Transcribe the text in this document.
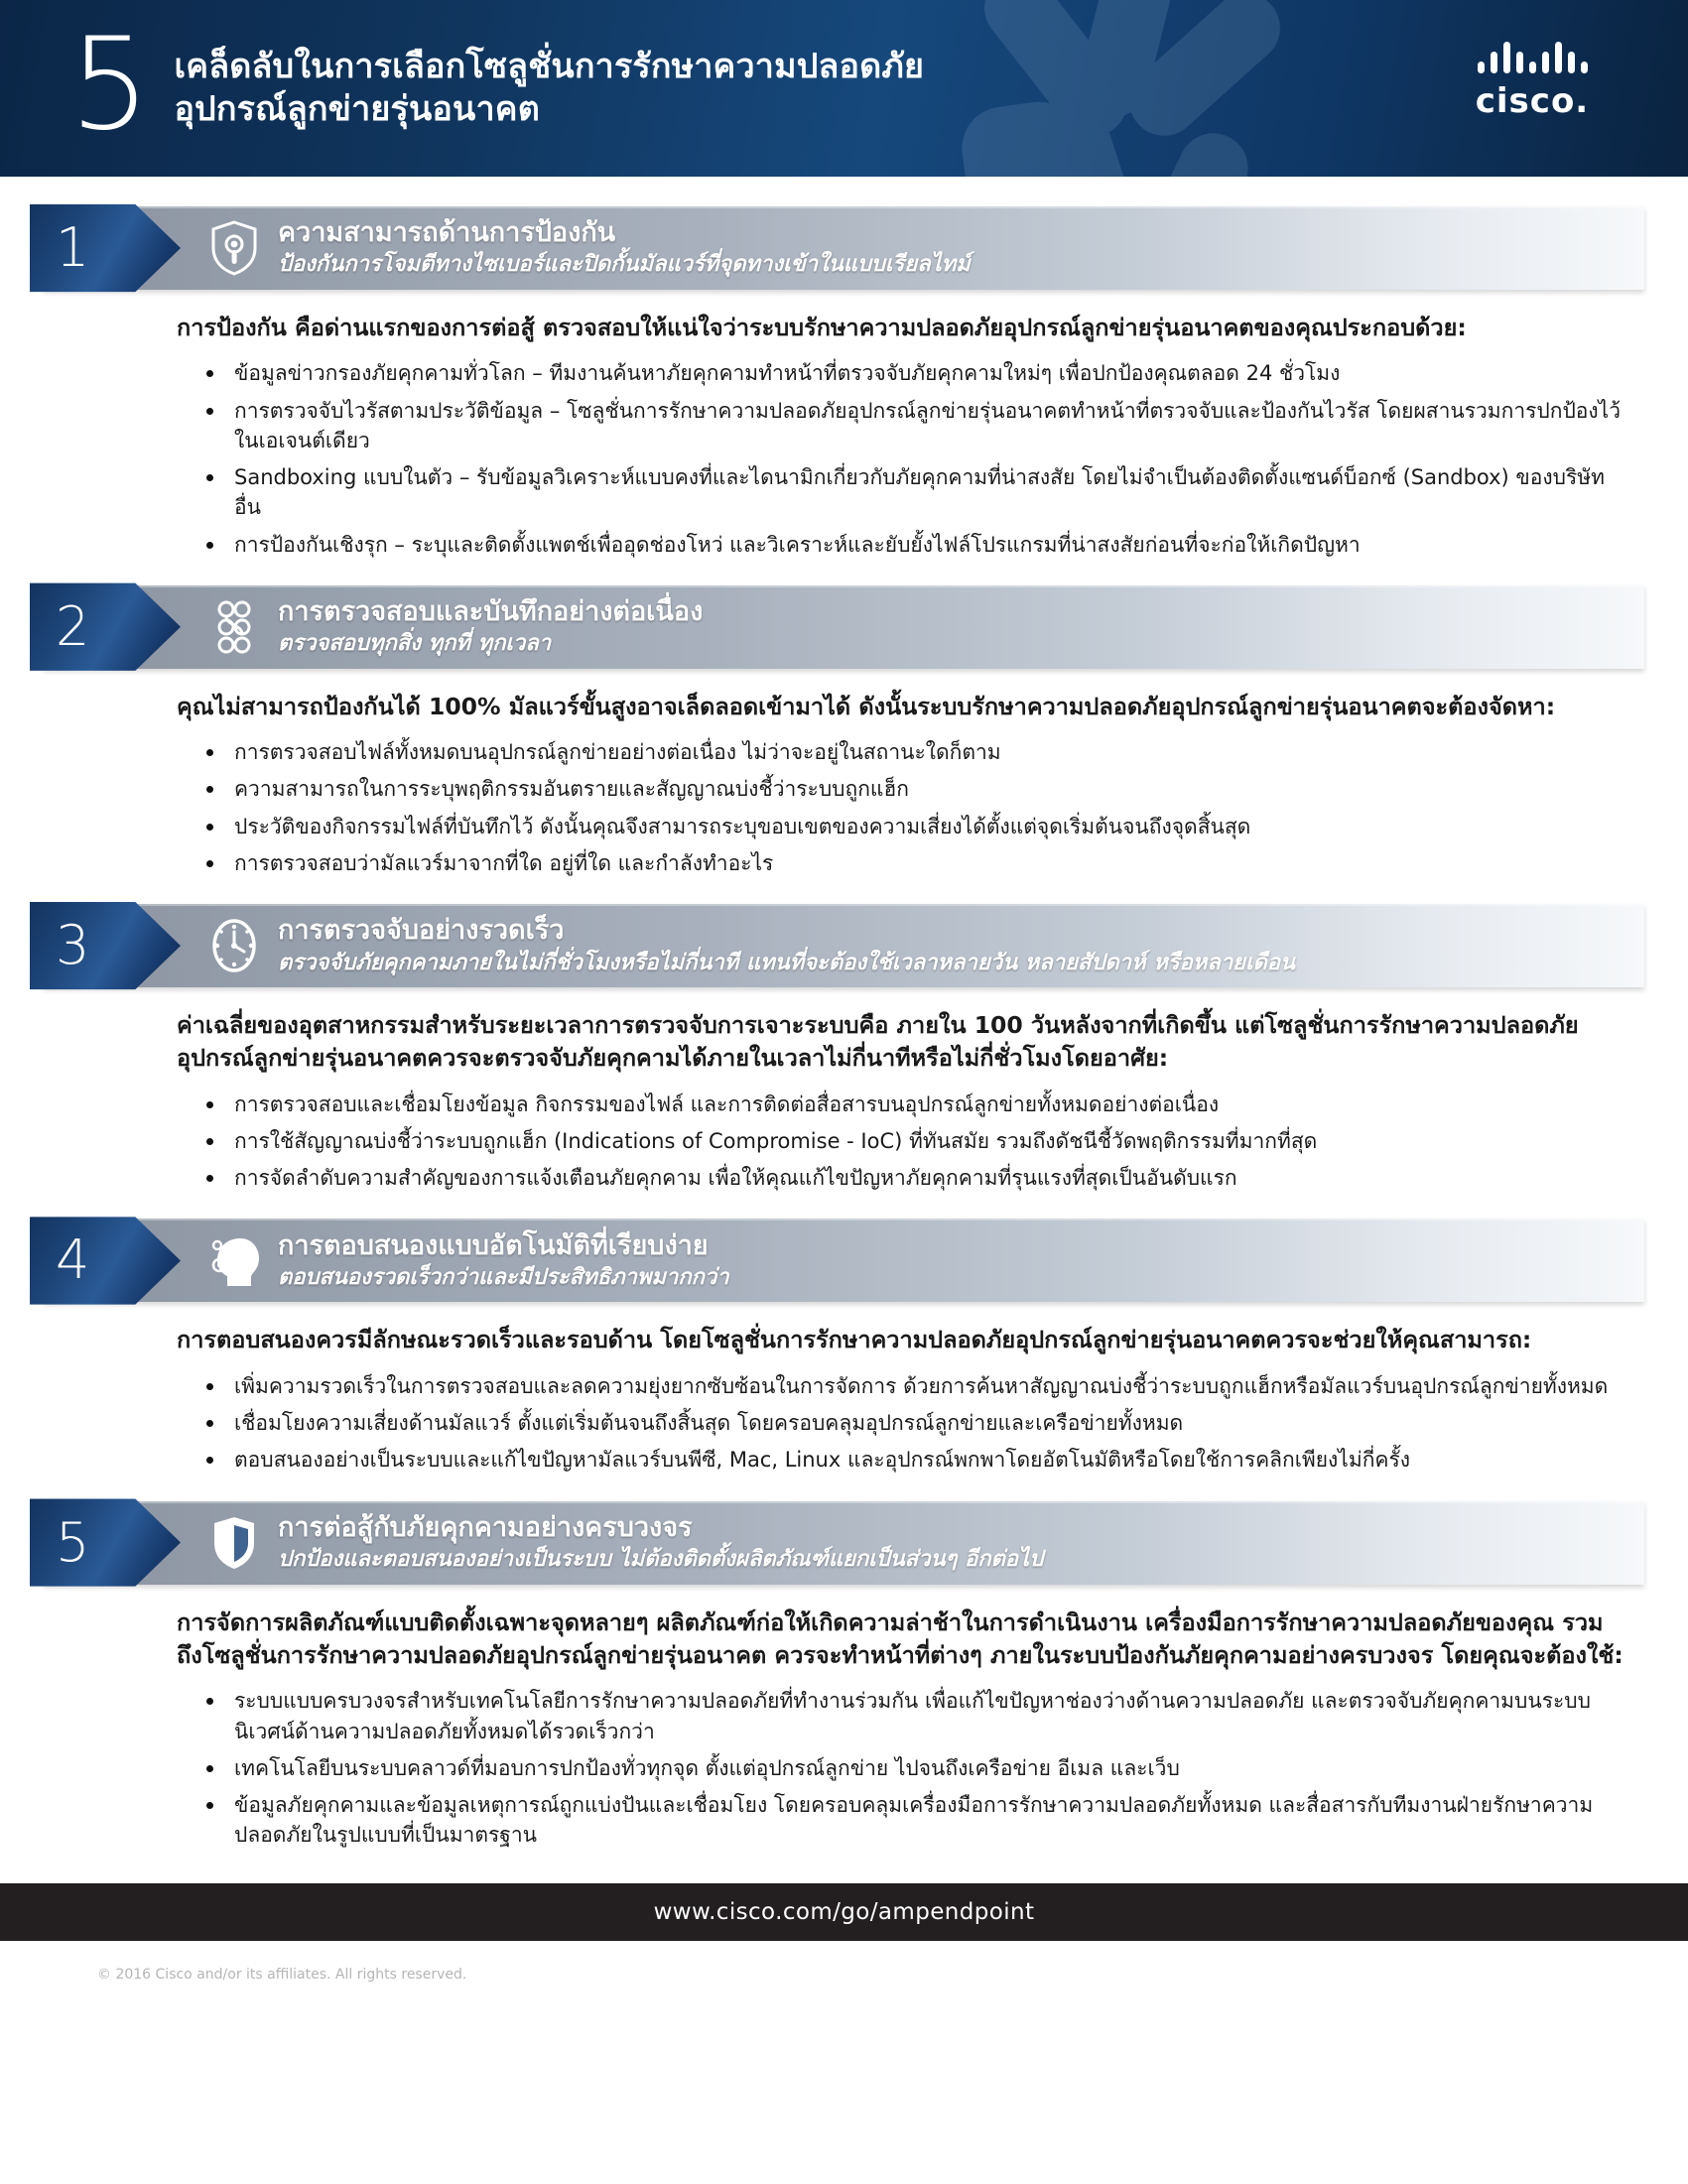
5 เคล็ดลับในการเลือกโซลูชั่นการรักษาความปลอดภัย
อุปกรณ์ลูกข่ายรุ่นอนาคต	cisco.
1	ความสามารถด้านการป้องกัน
ป้องกันการโจมตีทางไซเบอร์และปิดกั้นมัลแวร์ที่จุดทางเข้าในแบบเรียลไทม์

การป้องกัน คือด่านแรกของการต่อสู้ ตรวจสอบให้แน่ใจว่าระบบรักษาความปลอดภัยอุปกรณ์ลูกข่ายรุ่นอนาคตของคุณประกอบด้วย:

ข้อมูลข่าวกรองภัยคุกคามทั่วโลก – ทีมงานค้นหาภัยคุกคามทำหน้าที่ตรวจจับภัยคุกคามใหม่ๆ เพื่อปกป้องคุณตลอด 24 ชั่วโมง
การตรวจจับไวรัสตามประวัติข้อมูล – โซลูชั่นการรักษาความปลอดภัยอุปกรณ์ลูกข่ายรุ่นอนาคตทำหน้าที่ตรวจจับและป้องกันไวรัส โดยผสานรวมการปกป้องไว้ในเอเจนต์เดียว
Sandboxing แบบในตัว – รับข้อมูลวิเคราะห์แบบคงที่และไดนามิกเกี่ยวกับภัยคุกคามที่น่าสงสัย โดยไม่จำเป็นต้องติดตั้งแซนด์บ็อกซ์ (Sandbox) ของบริษัทอื่น
การป้องกันเชิงรุก – ระบุและติดตั้งแพตช์เพื่ออุดช่องโหว่ และวิเคราะห์และยับยั้งไฟล์โปรแกรมที่น่าสงสัยก่อนที่จะก่อให้เกิดปัญหา
2	การตรวจสอบและบันทึกอย่างต่อเนื่อง
ตรวจสอบทุกสิ่ง ทุกที่ ทุกเวลา

คุณไม่สามารถป้องกันได้ 100% มัลแวร์ขั้นสูงอาจเล็ดลอดเข้ามาได้ ดังนั้นระบบรักษาความปลอดภัยอุปกรณ์ลูกข่ายรุ่นอนาคตจะต้องจัดหา:

การตรวจสอบไฟล์ทั้งหมดบนอุปกรณ์ลูกข่ายอย่างต่อเนื่อง ไม่ว่าจะอยู่ในสถานะใดก็ตาม
ความสามารถในการระบุพฤติกรรมอันตรายและสัญญาณบ่งชี้ว่าระบบถูกแฮ็ก
ประวัติของกิจกรรมไฟล์ที่บันทึกไว้ ดังนั้นคุณจึงสามารถระบุขอบเขตของความเสี่ยงได้ตั้งแต่จุดเริ่มต้นจนถึงจุดสิ้นสุด
การตรวจสอบว่ามัลแวร์มาจากที่ใด อยู่ที่ใด และกำลังทำอะไร
3	การตรวจจับอย่างรวดเร็ว
ตรวจจับภัยคุกคามภายในไม่กี่ชั่วโมงหรือไม่กี่นาที แทนที่จะต้องใช้เวลาหลายวัน หลายสัปดาห์ หรือหลายเดือน

ค่าเฉลี่ยของอุตสาหกรรมสำหรับระยะเวลาการตรวจจับการเจาะระบบคือ ภายใน 100 วันหลังจากที่เกิดขึ้น แต่โซลูชั่นการรักษาความปลอดภัยอุปกรณ์ลูกข่ายรุ่นอนาคตควรจะตรวจจับภัยคุกคามได้ภายในเวลาไม่กี่นาทีหรือไม่กี่ชั่วโมงโดยอาศัย:

การตรวจสอบและเชื่อมโยงข้อมูล กิจกรรมของไฟล์ และการติดต่อสื่อสารบนอุปกรณ์ลูกข่ายทั้งหมดอย่างต่อเนื่อง
การใช้สัญญาณบ่งชี้ว่าระบบถูกแฮ็ก (Indications of Compromise - IoC) ที่ทันสมัย รวมถึงดัชนีชี้วัดพฤติกรรมที่มากที่สุด
การจัดลำดับความสำคัญของการแจ้งเตือนภัยคุกคาม เพื่อให้คุณแก้ไขปัญหาภัยคุกคามที่รุนแรงที่สุดเป็นอันดับแรก
4	การตอบสนองแบบอัตโนมัติที่เรียบง่าย
ตอบสนองรวดเร็วกว่าและมีประสิทธิภาพมากกว่า

การตอบสนองควรมีลักษณะรวดเร็วและรอบด้าน โดยโซลูชั่นการรักษาความปลอดภัยอุปกรณ์ลูกข่ายรุ่นอนาคตควรจะช่วยให้คุณสามารถ:

เพิ่มความรวดเร็วในการตรวจสอบและลดความยุ่งยากซับซ้อนในการจัดการ ด้วยการค้นหาสัญญาณบ่งชี้ว่าระบบถูกแฮ็กหรือมัลแวร์บนอุปกรณ์ลูกข่ายทั้งหมด
เชื่อมโยงความเสี่ยงด้านมัลแวร์ ตั้งแต่เริ่มต้นจนถึงสิ้นสุด โดยครอบคลุมอุปกรณ์ลูกข่ายและเครือข่ายทั้งหมด
ตอบสนองอย่างเป็นระบบและแก้ไขปัญหามัลแวร์บนพีซี, Mac, Linux และอุปกรณ์พกพาโดยอัตโนมัติหรือโดยใช้การคลิกเพียงไม่กี่ครั้ง
5	การต่อสู้กับภัยคุกคามอย่างครบวงจร
ปกป้องและตอบสนองอย่างเป็นระบบ ไม่ต้องติดตั้งผลิตภัณฑ์แยกเป็นส่วนๆ อีกต่อไป

การจัดการผลิตภัณฑ์แบบติดตั้งเฉพาะจุดหลายๆ ผลิตภัณฑ์ก่อให้เกิดความล่าช้าในการดำเนินงาน เครื่องมือการรักษาความปลอดภัยของคุณ รวมถึงโซลูชั่นการรักษาความปลอดภัยอุปกรณ์ลูกข่ายรุ่นอนาคต ควรจะทำหน้าที่ต่างๆ ภายในระบบป้องกันภัยคุกคามอย่างครบวงจร โดยคุณจะต้องใช้:

ระบบแบบครบวงจรสำหรับเทคโนโลยีการรักษาความปลอดภัยที่ทำงานร่วมกัน เพื่อแก้ไขปัญหาช่องว่างด้านความปลอดภัย และตรวจจับภัยคุกคามบนระบบนิเวศน์ด้านความปลอดภัยทั้งหมดได้รวดเร็วกว่า
เทคโนโลยีบนระบบคลาวด์ที่มอบการปกป้องทั่วทุกจุด ตั้งแต่อุปกรณ์ลูกข่าย ไปจนถึงเครือข่าย อีเมล และเว็บ
ข้อมูลภัยคุกคามและข้อมูลเหตุการณ์ถูกแบ่งปันและเชื่อมโยง โดยครอบคลุมเครื่องมือการรักษาความปลอดภัยทั้งหมด และสื่อสารกับทีมงานฝ่ายรักษาความปลอดภัยในรูปแบบที่เป็นมาตรฐาน
www.cisco.com/go/ampendpoint
© 2016 Cisco and/or its affiliates. All rights reserved.
